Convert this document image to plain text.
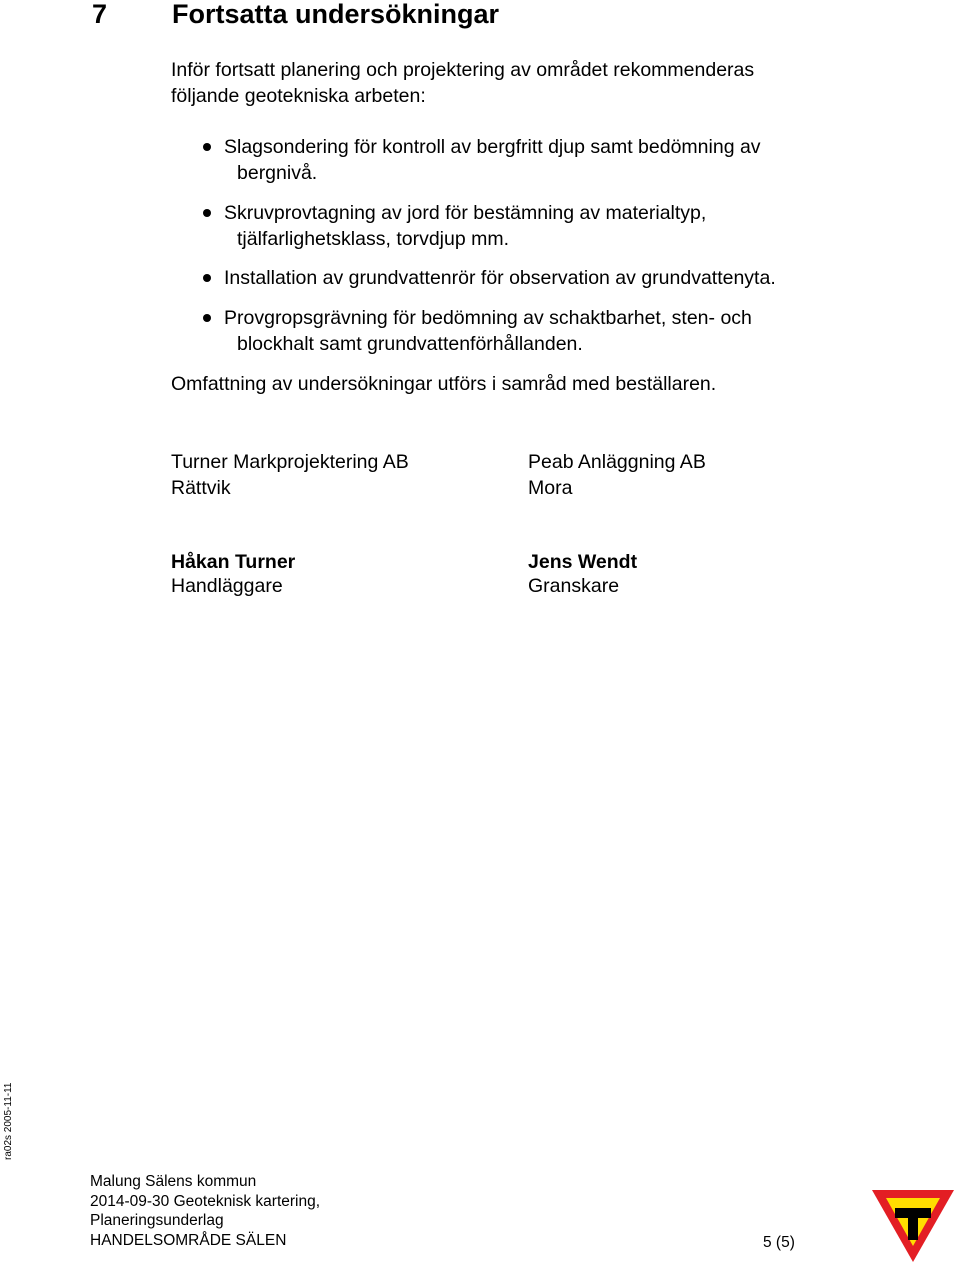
7 Fortsatta undersökningar
Inför fortsatt planering och projektering av området rekommenderas
följande geotekniska arbeten:
Slagsondering för kontroll av bergfritt djup samt bedömning av
bergnivå.
Skruvprovtagning av jord för bestämning av materialtyp,
tjälfarlighetsklass, torvdjup mm.
Installation av grundvattenrör för observation av grundvattenyta.
Provgropsgrävning för bedömning av schaktbarhet, sten- och
blockhalt samt grundvattenförhållanden.
Omfattning av undersökningar utförs i samråd med beställaren.
Turner Markprojektering AB
Rättvik
Peab Anläggning AB
Mora
Håkan Turner
Handläggare
Jens Wendt
Granskare
ra02s 2005-11-11
Malung Sälens kommun
2014-09-30 Geoteknisk kartering,
Planeringsunderlag
HANDELSOMRÅDE SÄLEN	5 (5)
